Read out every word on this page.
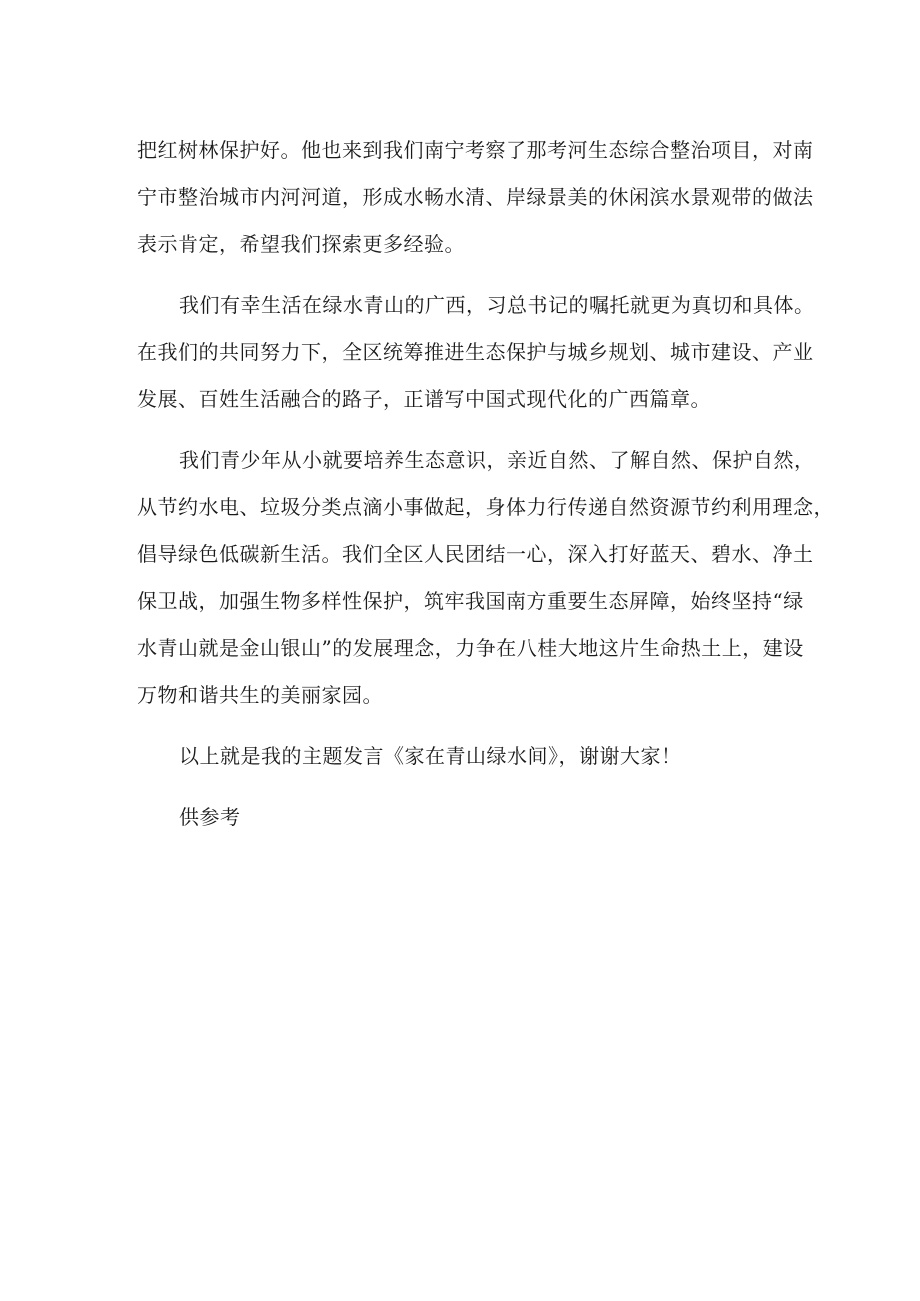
把红树林保护好。他也来到我们南宁考察了那考河生态综合整治项目，对南
宁市整治城市内河河道，形成水畅水清、岸绿景美的休闲滨水景观带的做法
表示肯定，希望我们探索更多经验。
我们有幸生活在绿水青山的广西，习总书记的嘱托就更为真切和具体。
在我们的共同努力下，全区统筹推进生态保护与城乡规划、城市建设、产业
发展、百姓生活融合的路子，正谱写中国式现代化的广西篇章。
我们青少年从小就要培养生态意识，亲近自然、了解自然、保护自然，
从节约水电、垃圾分类点滴小事做起，身体力行传递自然资源节约利用理念，
倡导绿色低碳新生活。我们全区人民团结一心，深入打好蓝天、碧水、净土
保卫战，加强生物多样性保护，筑牢我国南方重要生态屏障，始终坚持“绿
水青山就是金山银山”的发展理念，力争在八桂大地这片生命热土上，建设
万物和谐共生的美丽家园。
以上就是我的主题发言《家在青山绿水间》，谢谢大家！
供参考
